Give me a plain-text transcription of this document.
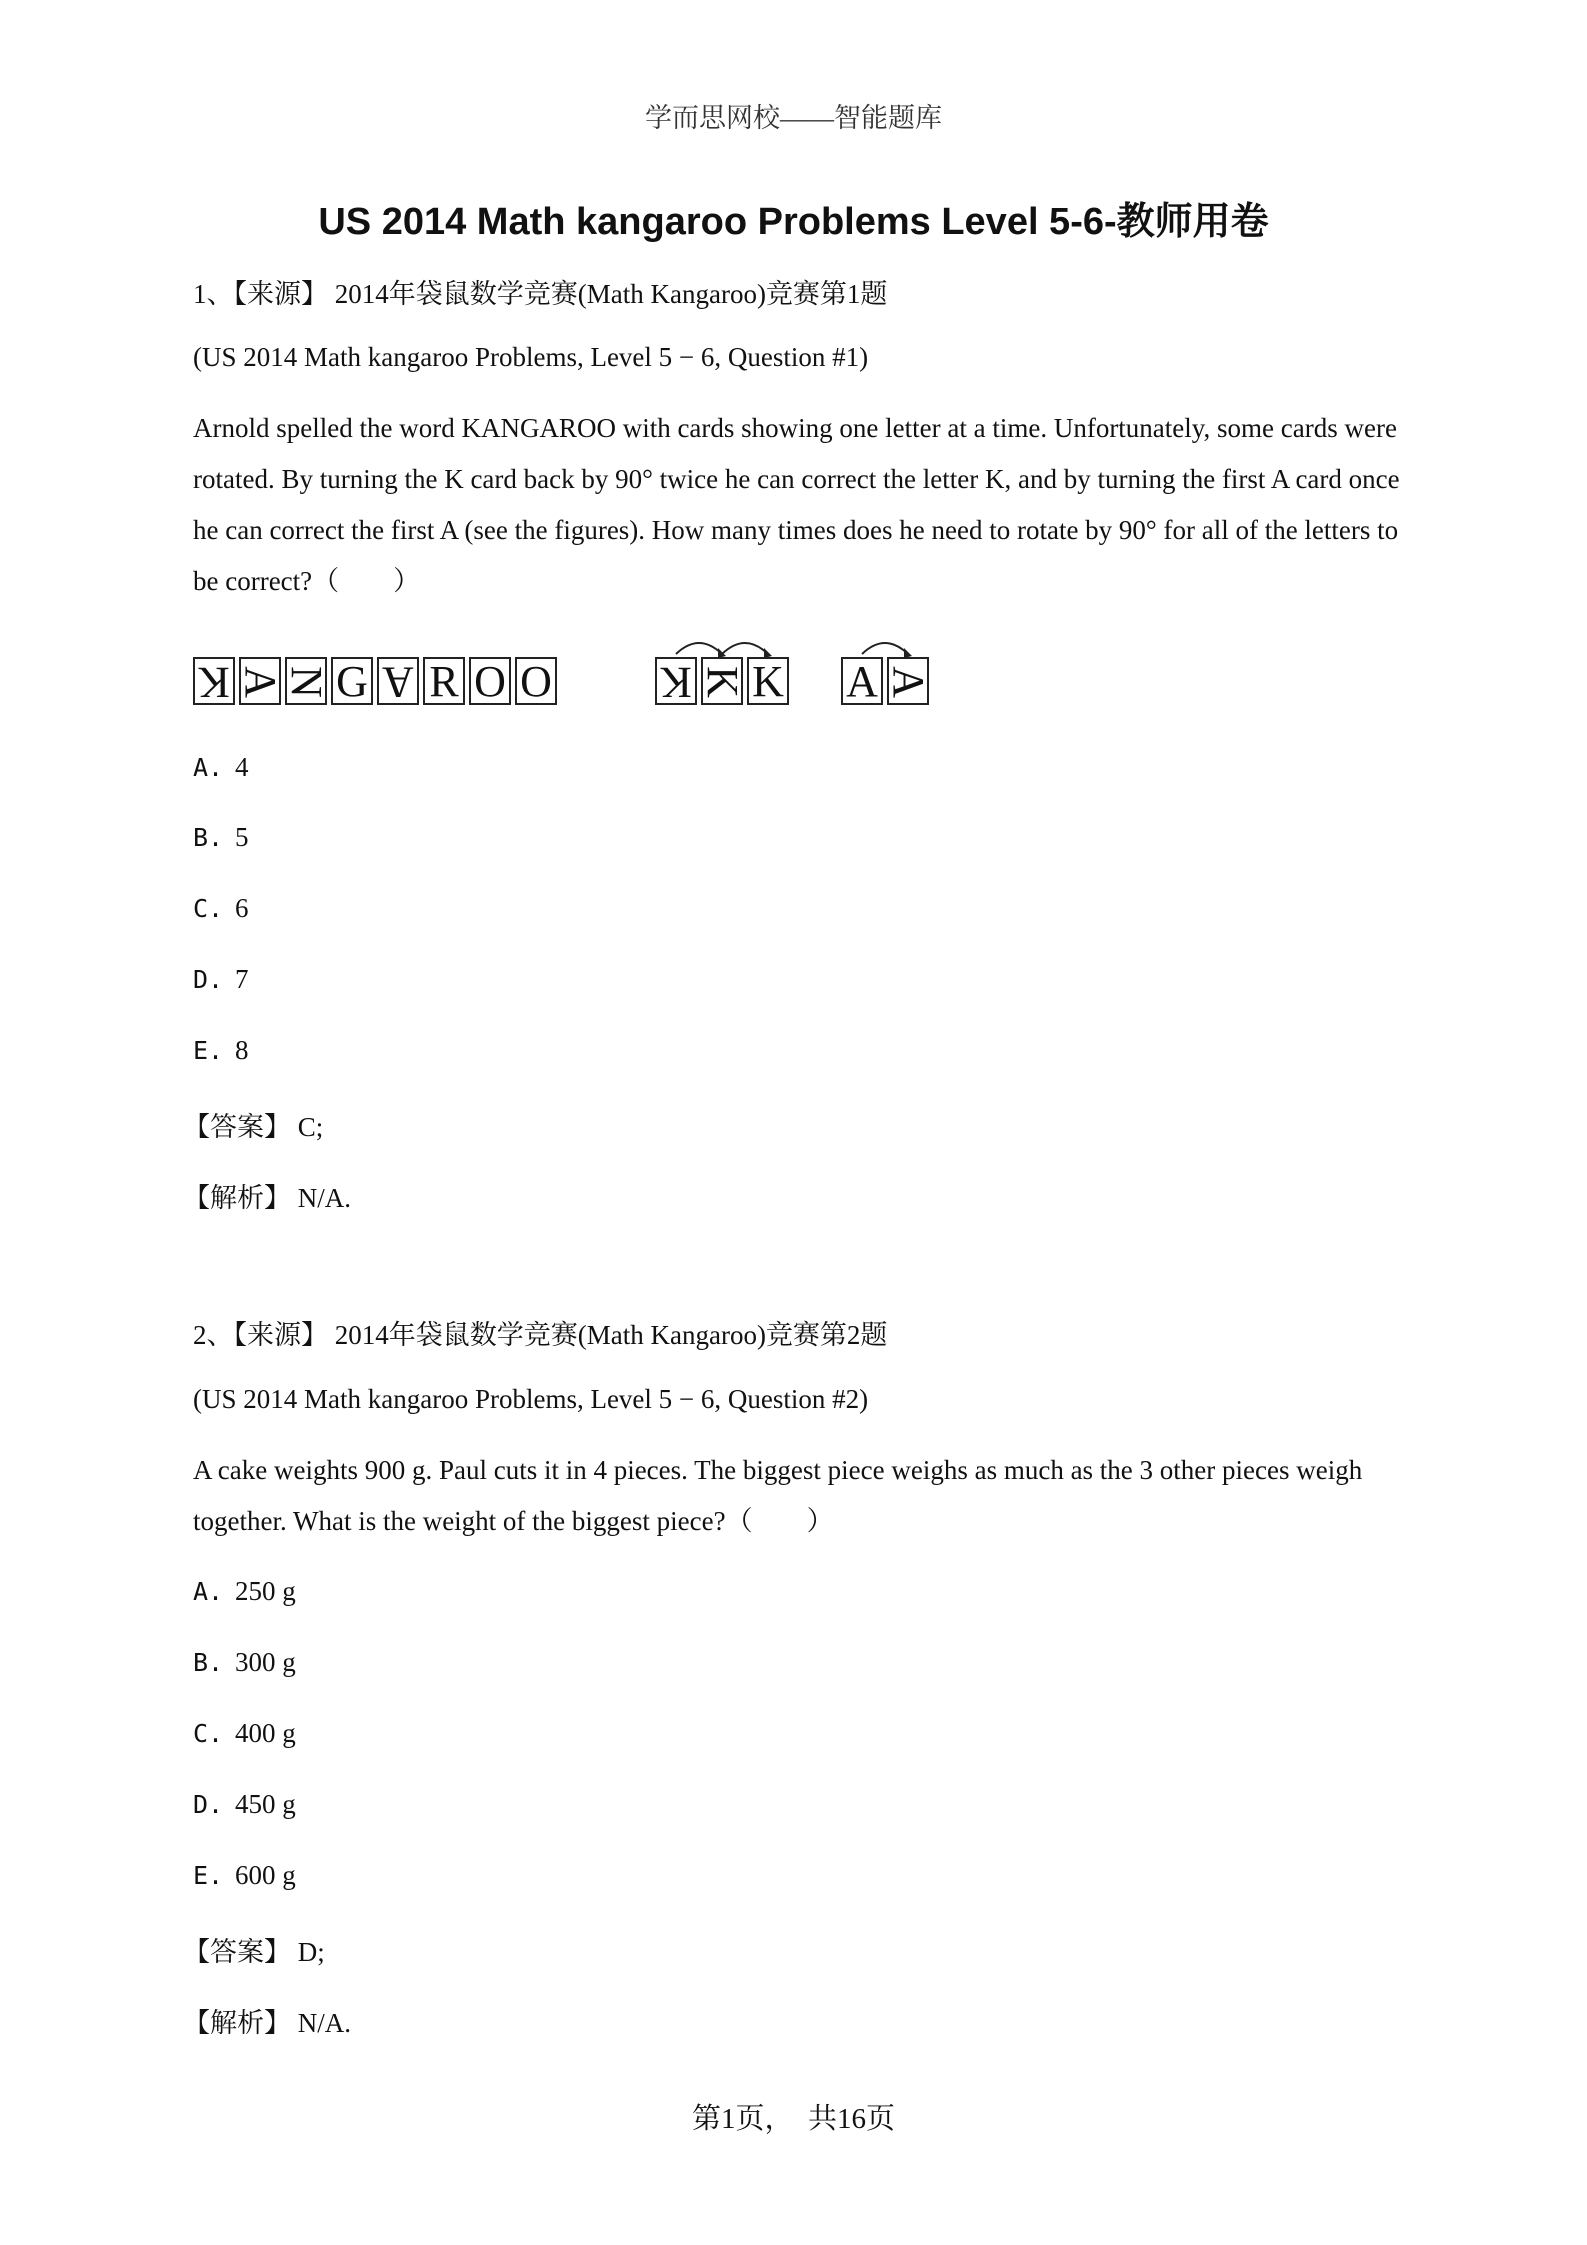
学而思网校——智能题库
US 2014 Math kangaroo Problems Level 5-6-教师用卷
1、【来源】 2014年袋鼠数学竞赛(Math Kangaroo)竞赛第1题
(US 2014 Math kangaroo Problems, Level 5 − 6, Question #1)
Arnold spelled the word KANGAROO with cards showing one letter at a time. Unfortunately, some cards were rotated. By turning the K card back by 90° twice he can correct the letter K, and by turning the first A card once he can correct the first A (see the figures). How many times does he need to rotate by 90° for all of the letters to be correct?（　　）
K A
N G A R O O K K K A A
A. 4
B. 5
C. 6
D. 7
E. 8
【答案】 C;
【解析】 N/A.
2、【来源】 2014年袋鼠数学竞赛(Math Kangaroo)竞赛第2题
(US 2014 Math kangaroo Problems, Level 5 − 6, Question #2)
A cake weights 900 g. Paul cuts it in 4 pieces. The biggest piece weighs as much as the 3 other pieces weigh together. What is the weight of the biggest piece?（　　）
A. 250 g
B. 300 g
C. 400 g
D. 450 g
E. 600 g
【答案】 D;
【解析】 N/A.
第1页，　共16页
